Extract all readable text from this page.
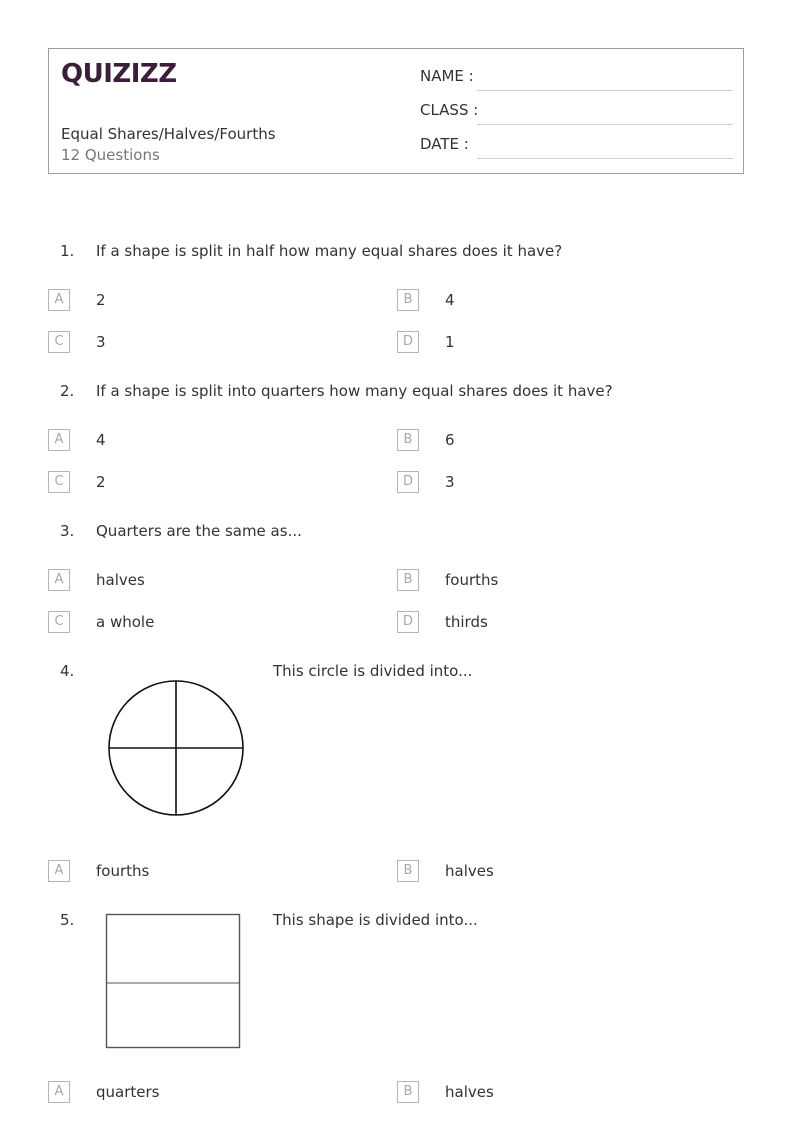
QUIZIZZ
Equal Shares/Halves/Fourths
12 Questions
NAME :
CLASS :
DATE :
1. If a shape is split in half how many equal shares does it have?
A	2	B	4
C	3	D	1
2. If a shape is split into quarters how many equal shares does it have?
A	4	B	6
C	2	D	3
3. Quarters are the same as...
A	halves	B	fourths
C	a whole	D	thirds
4.	This circle is divided into...
A	fourths	B	halves
5.	This shape is divided into...
A	quarters	B	halves
